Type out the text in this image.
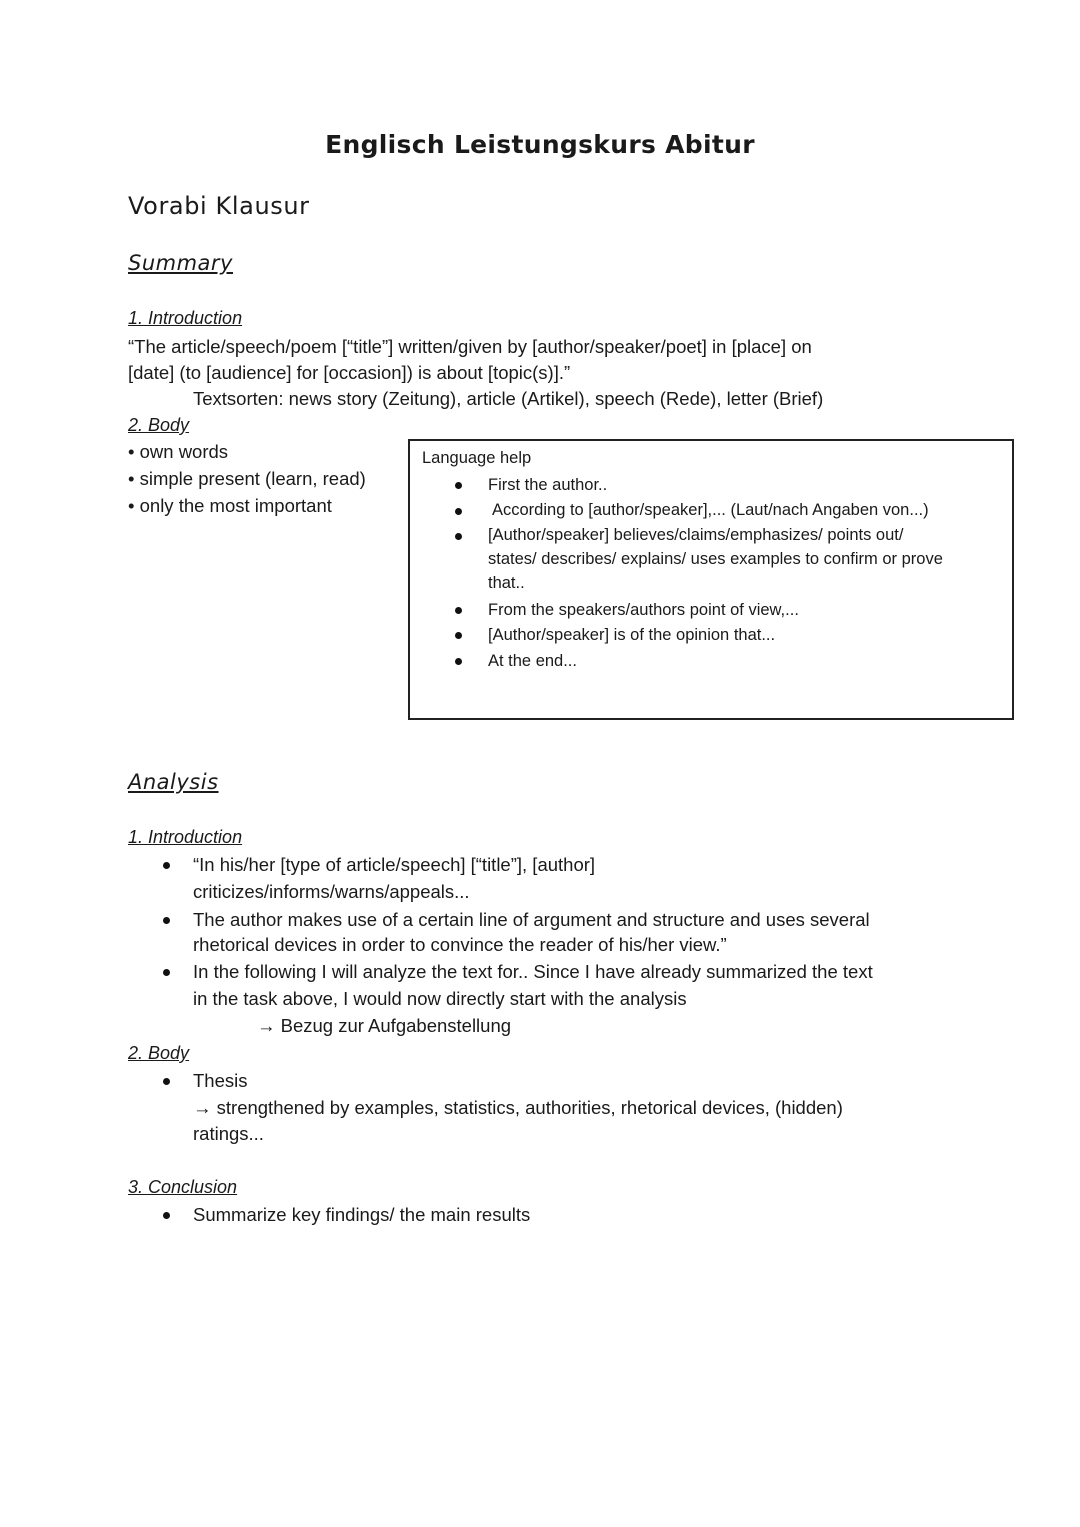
Englisch Leistungskurs Abitur
Vorabi Klausur
Summary
1. Introduction
“The article/speech/poem [“title”] written/given by [author/speaker/poet] in [place] on
[date] (to [audience] for [occasion]) is about [topic(s)].”
Textsorten: news story (Zeitung), article (Artikel), speech (Rede), letter (Brief)
2. Body
• own words
• simple present (learn, read)
• only the most important
Language help
First the author..
According to [author/speaker],... (Laut/nach Angaben von...)
[Author/speaker] believes/claims/emphasizes/ points out/
states/ describes/ explains/ uses examples to confirm or prove
that..
From the speakers/authors point of view,...
[Author/speaker] is of the opinion that...
At the end...
Analysis
1. Introduction
“In his/her [type of article/speech] [“title”], [author]
criticizes/informs/warns/appeals...
The author makes use of a certain line of argument and structure and uses several
rhetorical devices in order to convince the reader of his/her view.”
In the following I will analyze the text for.. Since I have already summarized the text
in the task above, I would now directly start with the analysis
→ Bezug zur Aufgabenstellung
2. Body
Thesis
→ strengthened by examples, statistics, authorities, rhetorical devices, (hidden)
ratings...
3. Conclusion
Summarize key findings/ the main results
